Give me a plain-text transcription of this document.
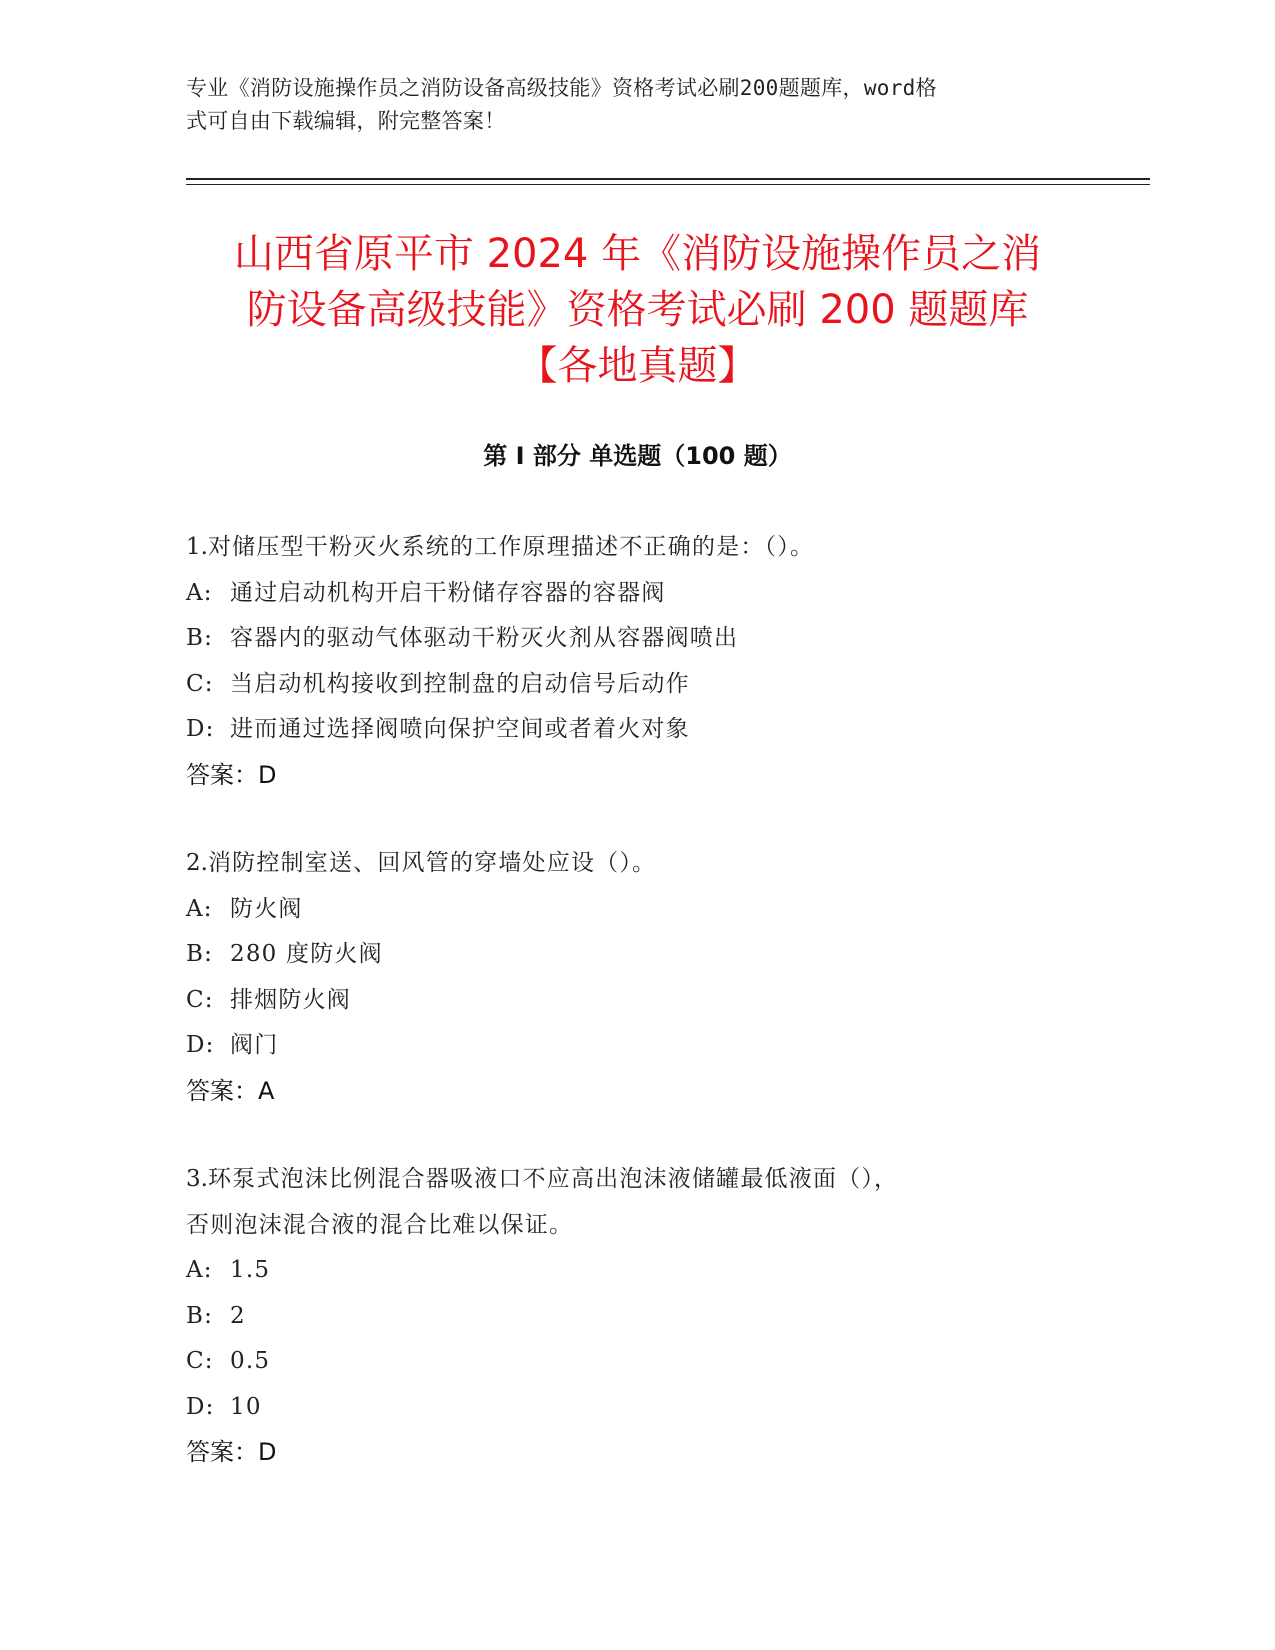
专业《消防设施操作员之消防设备高级技能》资格考试必刷200题题库，word格
式可自由下载编辑，附完整答案！
山西省原平市 2024 年《消防设施操作员之消
防设备高级技能》资格考试必刷 200 题题库
【各地真题】
第 I 部分 单选题（100 题）
1.对储压型干粉灭火系统的工作原理描述不正确的是：（）。
A: 通过启动机构开启干粉储存容器的容器阀
B: 容器内的驱动气体驱动干粉灭火剂从容器阀喷出
C: 当启动机构接收到控制盘的启动信号后动作
D: 进而通过选择阀喷向保护空间或者着火对象
答案：D
2.消防控制室送、回风管的穿墙处应设（）。
A: 防火阀
B: 280 度防火阀
C: 排烟防火阀
D: 阀门
答案：A
3.环泵式泡沫比例混合器吸液口不应高出泡沫液储罐最低液面（），
否则泡沫混合液的混合比难以保证。
A: 1.5
B: 2
C: 0.5
D: 10
答案：D
